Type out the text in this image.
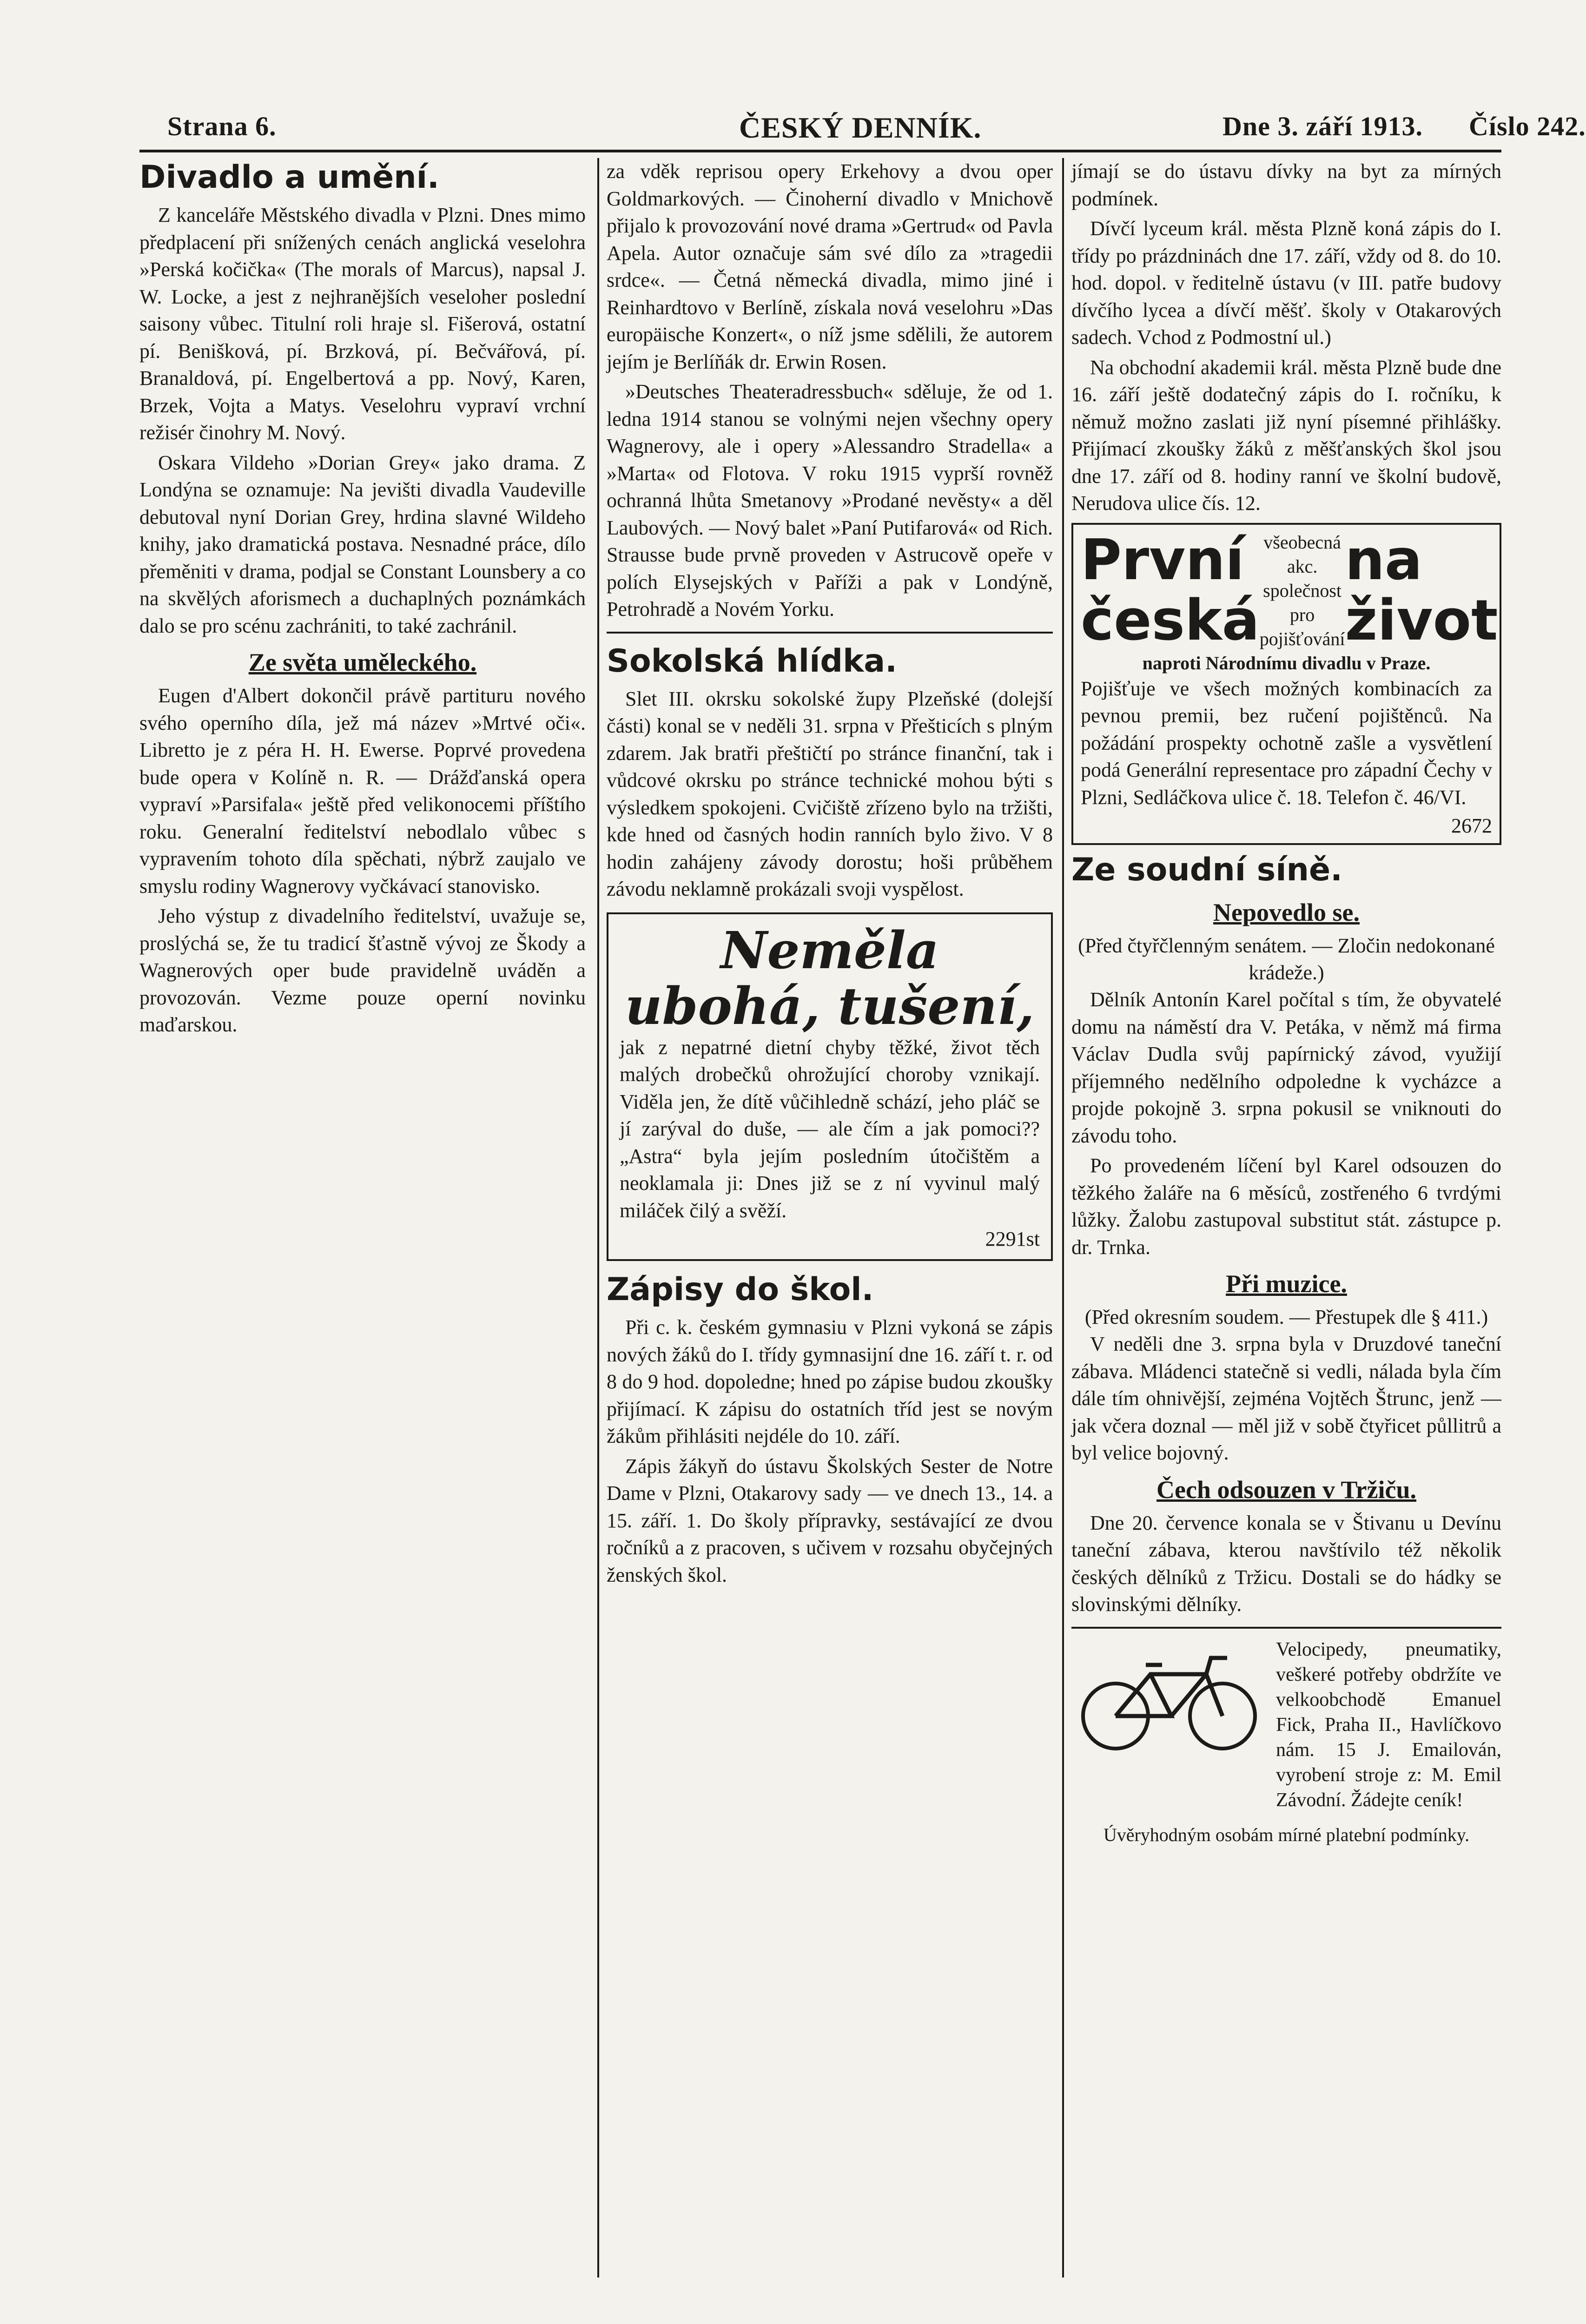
Strana 6.	ČESKÝ DENNÍK.	Dne 3. září 1913. Číslo 242.
Divadlo a umění.

Z kanceláře Městského divadla v Plzni. Dnes mimo předplacení při snížených cenách anglická veselohra »Perská kočička« (The morals of Marcus), napsal J. W. Locke, a jest z nejhranějších veseloher poslední saisony vůbec. Titulní roli hraje sl. Fišerová, ostatní pí. Benišková, pí. Brzková, pí. Bečvářová, pí. Branaldová, pí. Engelbertová a pp. Nový, Karen, Brzek, Vojta a Matys. Veselohru vypraví vrchní režisér činohry M. Nový.

Oskara Vildeho »Dorian Grey« jako drama. Z Londýna se oznamuje: Na jevišti divadla Vaudeville debutoval nyní Dorian Grey, hrdina slavné Wildeho knihy, jako dramatická postava. Nesnadné práce, dílo přeměniti v drama, podjal se Constant Lounsbery a co na skvělých aforismech a duchaplných poznámkách dalo se pro scénu zachrániti, to také zachránil.

Ze světa uměleckého.

Eugen d'Albert dokončil právě partituru nového svého operního díla, jež má název »Mrtvé oči«. Libretto je z péra H. H. Ewerse. Poprvé provedena bude opera v Kolíně n. R. — Drážďanská opera vypraví »Parsifala« ještě před velikonocemi příštího roku. Generalní ředitelství nebodlalo vůbec s vypravením tohoto díla spěchati, nýbrž zaujalo ve smyslu rodiny Wagnerovy vyčkávací stanovisko.

Jeho výstup z divadelního ředitelství, uvažuje se, proslýchá se, že tu tradicí šťastně vývoj ze Škody a Wagnerových oper bude pravidelně uváděn a provozován. Vezme pouze operní novinku maďarskou.

za vděk reprisou opery Erkehovy a dvou oper Goldmarkových. — Činoherní divadlo v Mnichově přijalo k provozování nové drama »Gertrud« od Pavla Apela. Autor označuje sám své dílo za »tragedii srdce«. — Četná německá divadla, mimo jiné i Reinhardtovo v Berlíně, získala nová veselohru »Das europäische Konzert«, o níž jsme sdělili, že autorem jejím je Berlíňák dr. Erwin Rosen.

»Deutsches Theateradressbuch« sděluje, že od 1. ledna 1914 stanou se volnými nejen všechny opery Wagnerovy, ale i opery »Alessandro Stradella« a »Marta« od Flotova. V roku 1915 vyprší rovněž ochranná lhůta Smetanovy »Prodané nevěsty« a děl Laubových. — Nový balet »Paní Putifarová« od Rich. Strausse bude prvně proveden v Astrucově opeře v polích Elysejských v Paříži a pak v Londýně, Petrohradě a Novém Yorku.

Sokolská hlídka.

Slet III. okrsku sokolské župy Plzeňské (dolejší části) konal se v neděli 31. srpna v Přešticích s plným zdarem. Jak bratři přeštičtí po stránce finanční, tak i vůdcové okrsku po stránce technické mohou býti s výsledkem spokojeni. Cvičiště zřízeno bylo na tržišti, kde hned od časných hodin ranních bylo živo. V 8 hodin zahájeny závody dorostu; hoši průběhem závodu neklamně prokázali svoji vyspělost.

Neměla ubohá, tušení,

jak z nepatrné dietní chyby těžké, život těch malých drobečků ohrožující choroby vznikají. Viděla jen, že dítě vůčihledně schází, jeho pláč se jí zarýval do duše, — ale čím a jak pomoci?? „Astra“ byla jejím posledním útočištěm a neoklamala ji: Dnes již se z ní vyvinul malý miláček čilý a svěží.

2291st
Zápisy do škol.

Při c. k. českém gymnasiu v Plzni vykoná se zápis nových žáků do I. třídy gymnasijní dne 16. září t. r. od 8 do 9 hod. dopoledne; hned po zápise budou zkoušky přijímací. K zápisu do ostatních tříd jest se novým žákům přihlásiti nejdéle do 10. září.

Zápis žákyň do ústavu Školských Sester de Notre Dame v Plzni, Otakarovy sady — ve dnech 13., 14. a 15. září. 1. Do školy přípravky, sestávající ze dvou ročníků a z pracoven, s učivem v rozsahu obyčejných ženských škol.

jímají se do ústavu dívky na byt za mírných podmínek.

Dívčí lyceum král. města Plzně koná zápis do I. třídy po prázdninách dne 17. září, vždy od 8. do 10. hod. dopol. v ředitelně ústavu (v III. patře budovy dívčího lycea a dívčí měšť. školy v Otakarových sadech. Vchod z Podmostní ul.)

Na obchodní akademii král. města Plzně bude dne 16. září ještě dodatečný zápis do I. ročníku, k němuž možno zaslati již nyní písemné přihlášky. Přijímací zkoušky žáků z měšťanských škol jsou dne 17. září od 8. hodiny ranní ve školní budově, Nerudova ulice čís. 12.

První česká
všeobecná akc. společnost pro pojišťování
na život
naproti Národnímu divadlu v Praze.

Pojišťuje ve všech možných kombinacích za pevnou premii, bez ručení pojištěnců. Na požádání prospekty ochotně zašle a vysvětlení podá Generální representace pro západní Čechy v Plzni, Sedláčkova ulice č. 18. Telefon č. 46/VI.

2672
Ze soudní síně.
Nepovedlo se.
(Před čtyřčlenným senátem. — Zločin nedokonané krádeže.)

Dělník Antonín Karel počítal s tím, že obyvatelé domu na náměstí dra V. Petáka, v němž má firma Václav Dudla svůj papírnický závod, využijí příjemného nedělního odpoledne k vycházce a projde pokojně 3. srpna pokusil se vniknouti do závodu toho.

Po provedeném líčení byl Karel odsouzen do těžkého žaláře na 6 měsíců, zostřeného 6 tvrdými lůžky. Žalobu zastupoval substitut stát. zástupce p. dr. Trnka.

Při muzice.
(Před okresním soudem. — Přestupek dle § 411.)

V neděli dne 3. srpna byla v Druzdové taneční zábava. Mládenci statečně si vedli, nálada byla čím dále tím ohnivější, zejména Vojtěch Štrunc, jenž — jak včera doznal — měl již v sobě čtyřicet půllitrů a byl velice bojovný.

Čech odsouzen v Tržiču.

Dne 20. července konala se v Štivanu u Devínu taneční zábava, kterou navštívilo též několik českých dělníků z Tržicu. Dostali se do hádky se slovinskými dělníky.

Velocipedy, pneumatiky, veškeré potřeby obdržíte ve velkoobchodě Emanuel Fick, Praha II., Havlíčkovo nám. 15 J. Emailován, vyrobení stroje z: M. Emil Závodní. Žádejte ceník!

Úvěryhodným osobám mírné platební podmínky.
